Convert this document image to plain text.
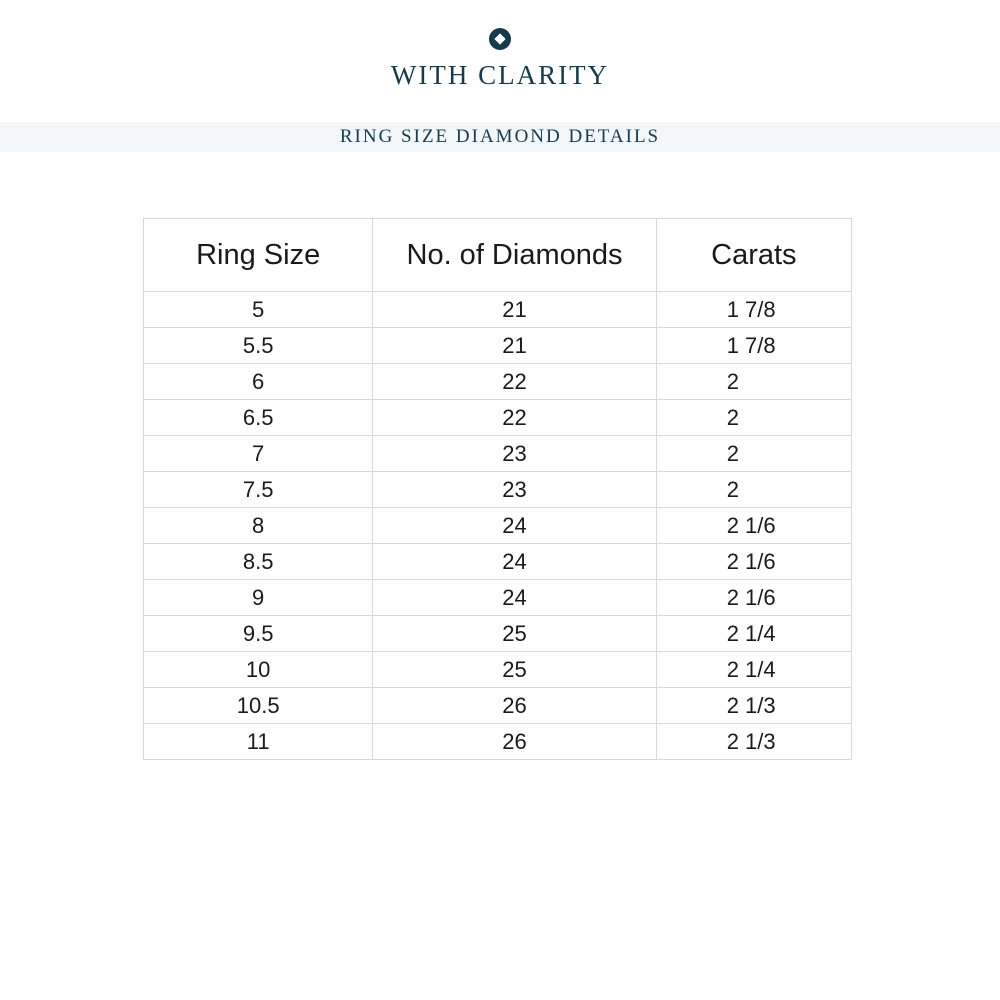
WITH CLARITY
RING SIZE DIAMOND DETAILS
Ring Size	No. of Diamonds	Carats
5	21	1 7/8
5.5	21	1 7/8
6	22	2
6.5	22	2
7	23	2
7.5	23	2
8	24	2 1/6
8.5	24	2 1/6
9	24	2 1/6
9.5	25	2 1/4
10	25	2 1/4
10.5	26	2 1/3
11	26	2 1/3
